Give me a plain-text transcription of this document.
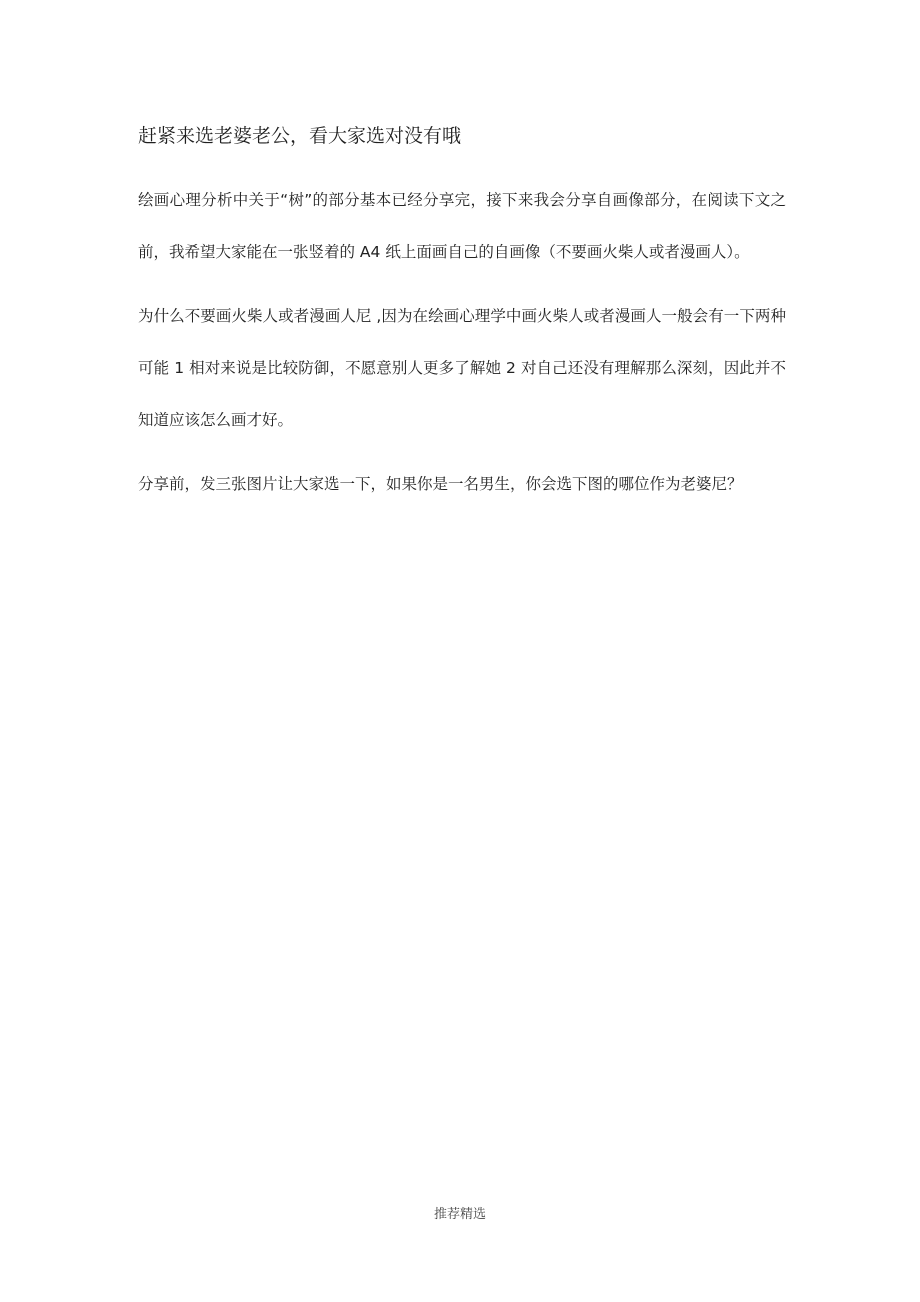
赶紧来选老婆老公，看大家选对没有哦

绘画心理分析中关于“树”的部分基本已经分享完，接下来我会分享自画像部分，在阅读下文之前，我希望大家能在一张竖着的 A4 纸上面画自己的自画像（不要画火柴人或者漫画人）。

为什么不要画火柴人或者漫画人尼 ,因为在绘画心理学中画火柴人或者漫画人一般会有一下两种可能 1 相对来说是比较防御，不愿意别人更多了解她 2 对自己还没有理解那么深刻，因此并不知道应该怎么画才好。

分享前，发三张图片让大家选一下，如果你是一名男生，你会选下图的哪位作为老婆尼？

推荐精选
